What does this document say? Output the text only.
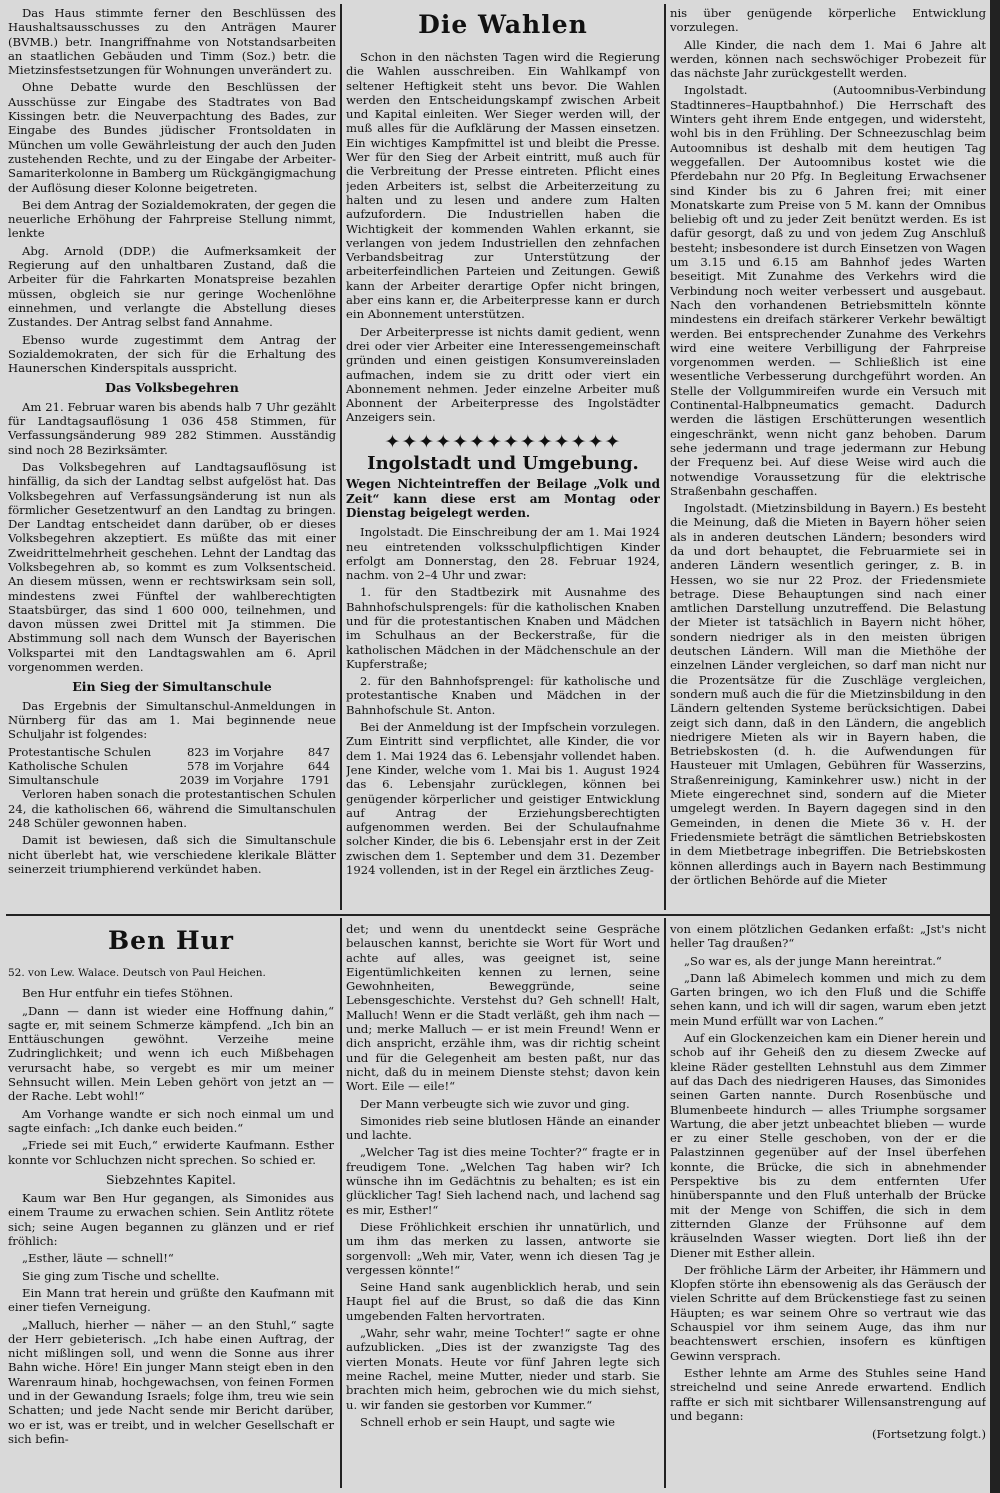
Das Haus stimmte ferner den Beschlüssen des Haushaltsausschusses zu den Anträgen Maurer (BVMB.) betr. Inangriffnahme von Notstandsarbeiten an staatlichen Gebäuden und Timm (Soz.) betr. die Mietzinsfestsetzungen für Wohnungen unverändert zu.

Ohne Debatte wurde den Beschlüssen der Ausschüsse zur Eingabe des Stadtrates von Bad Kissingen betr. die Neuverpachtung des Bades, zur Eingabe des Bundes jüdischer Frontsoldaten in München um volle Gewährleistung der auch den Juden zustehenden Rechte, und zu der Eingabe der Arbeiter-Samariterkolonne in Bamberg um Rückgängigmachung der Auflösung dieser Kolonne beigetreten.

Bei dem Antrag der Sozialdemokraten, der gegen die neuerliche Erhöhung der Fahrpreise Stellung nimmt, lenkte

Abg. Arnold (DDP.) die Aufmerksamkeit der Regierung auf den unhaltbaren Zustand, daß die Arbeiter für die Fahrkarten Monatspreise bezahlen müssen, obgleich sie nur geringe Wochenlöhne einnehmen, und verlangte die Abstellung dieses Zustandes. Der Antrag selbst fand Annahme.

Ebenso wurde zugestimmt dem Antrag der Sozialdemokraten, der sich für die Erhaltung des Haunerschen Kinderspitals ausspricht.

Das Volksbegehren

Am 21. Februar waren bis abends halb 7 Uhr gezählt für Landtagsauflösung 1 036 458 Stimmen, für Verfassungsänderung 989 282 Stimmen. Ausständig sind noch 28 Bezirksämter.

Das Volksbegehren auf Landtagsauflösung ist hinfällig, da sich der Landtag selbst aufgelöst hat. Das Volksbegehren auf Verfassungsänderung ist nun als förmlicher Gesetzentwurf an den Landtag zu bringen. Der Landtag entscheidet dann darüber, ob er dieses Volksbegehren akzeptiert. Es müßte das mit einer Zweidrittelmehrheit geschehen. Lehnt der Landtag das Volksbegehren ab, so kommt es zum Volksentscheid. An diesem müssen, wenn er rechtswirksam sein soll, mindestens zwei Fünftel der wahlberechtigten Staatsbürger, das sind 1 600 000, teilnehmen, und davon müssen zwei Drittel mit Ja stimmen. Die Abstimmung soll nach dem Wunsch der Bayerischen Volkspartei mit den Landtagswahlen am 6. April vorgenommen werden.

Ein Sieg der Simultanschule

Das Ergebnis der Simultanschul-Anmeldungen in Nürnberg für das am 1. Mai beginnende neue Schuljahr ist folgendes:

Protestantische Schulen	823	im Vorjahre	847
Katholische Schulen	578	im Vorjahre	644
Simultanschule	2039	im Vorjahre	1791

Verloren haben sonach die protestantischen Schulen 24, die katholischen 66, während die Simultanschulen 248 Schüler gewonnen haben.

Damit ist bewiesen, daß sich die Simultanschule nicht überlebt hat, wie verschiedene klerikale Blätter seinerzeit triumphierend verkündet haben.

Die Wahlen

Schon in den nächsten Tagen wird die Regierung die Wahlen ausschreiben. Ein Wahlkampf von seltener Heftigkeit steht uns bevor. Die Wahlen werden den Entscheidungskampf zwischen Arbeit und Kapital einleiten. Wer Sieger werden will, der muß alles für die Aufklärung der Massen einsetzen. Ein wichtiges Kampfmittel ist und bleibt die Presse. Wer für den Sieg der Arbeit eintritt, muß auch für die Verbreitung der Presse eintreten. Pflicht eines jeden Arbeiters ist, selbst die Arbeiterzeitung zu halten und zu lesen und andere zum Halten aufzufordern. Die Industriellen haben die Wichtigkeit der kommenden Wahlen erkannt, sie verlangen von jedem Industriellen den zehnfachen Verbandsbeitrag zur Unterstützung der arbeiterfeindlichen Parteien und Zeitungen. Gewiß kann der Arbeiter derartige Opfer nicht bringen, aber eins kann er, die Arbeiterpresse kann er durch ein Abonnement unterstützen.

Der Arbeiterpresse ist nichts damit gedient, wenn drei oder vier Arbeiter eine Interessengemeinschaft gründen und einen geistigen Konsumvereinsladen aufmachen, indem sie zu dritt oder viert ein Abonnement nehmen. Jeder einzelne Arbeiter muß Abonnent der Arbeiterpresse des Ingolstädter Anzeigers sein.

✦✦✦✦✦✦✦✦✦✦✦✦✦✦
Ingolstadt und Umgebung.
Wegen Nichteintreffen der Beilage „Volk und Zeit“ kann diese erst am Montag oder Dienstag beigelegt werden.

Ingolstadt. Die Einschreibung der am 1. Mai 1924 neu eintretenden volksschulpflichtigen Kinder erfolgt am Donnerstag, den 28. Februar 1924, nachm. von 2–4 Uhr und zwar:

1. für den Stadtbezirk mit Ausnahme des Bahnhofschulsprengels: für die katholischen Knaben und für die protestantischen Knaben und Mädchen im Schulhaus an der Beckerstraße, für die katholischen Mädchen in der Mädchenschule an der Kupferstraße;

2. für den Bahnhofsprengel: für katholische und protestantische Knaben und Mädchen in der Bahnhofschule St. Anton.

Bei der Anmeldung ist der Impfschein vorzulegen. Zum Eintritt sind verpflichtet, alle Kinder, die vor dem 1. Mai 1924 das 6. Lebensjahr vollendet haben. Jene Kinder, welche vom 1. Mai bis 1. August 1924 das 6. Lebensjahr zurücklegen, können bei genügender körperlicher und geistiger Entwicklung auf Antrag der Erziehungsberechtigten aufgenommen werden. Bei der Schulaufnahme solcher Kinder, die bis 6. Lebensjahr erst in der Zeit zwischen dem 1. September und dem 31. Dezember 1924 vollenden, ist in der Regel ein ärztliches Zeug-

nis über genügende körperliche Entwicklung vorzulegen.

Alle Kinder, die nach dem 1. Mai 6 Jahre alt werden, können nach sechswöchiger Probezeit für das nächste Jahr zurückgestellt werden.

Ingolstadt. (Autoomnibus-Verbindung Stadtinneres–Hauptbahnhof.) Die Herrschaft des Winters geht ihrem Ende entgegen, und widersteht, wohl bis in den Frühling. Der Schneezuschlag beim Autoomnibus ist deshalb mit dem heutigen Tag weggefallen. Der Autoomnibus kostet wie die Pferdebahn nur 20 Pfg. In Begleitung Erwachsener sind Kinder bis zu 6 Jahren frei; mit einer Monatskarte zum Preise von 5 M. kann der Omnibus beliebig oft und zu jeder Zeit benützt werden. Es ist dafür gesorgt, daß zu und von jedem Zug Anschluß besteht; insbesondere ist durch Einsetzen von Wagen um 3.15 und 6.15 am Bahnhof jedes Warten beseitigt. Mit Zunahme des Verkehrs wird die Verbindung noch weiter verbessert und ausgebaut. Nach den vorhandenen Betriebsmitteln könnte mindestens ein dreifach stärkerer Verkehr bewältigt werden. Bei entsprechender Zunahme des Verkehrs wird eine weitere Verbilligung der Fahrpreise vorgenommen werden. — Schließlich ist eine wesentliche Verbesserung durchgeführt worden. An Stelle der Vollgummireifen wurde ein Versuch mit Continental-Halbpneumatics gemacht. Dadurch werden die lästigen Erschütterungen wesentlich eingeschränkt, wenn nicht ganz behoben. Darum sehe jedermann und trage jedermann zur Hebung der Frequenz bei. Auf diese Weise wird auch die notwendige Voraussetzung für die elektrische Straßenbahn geschaffen.

Ingolstadt. (Mietzinsbildung in Bayern.) Es besteht die Meinung, daß die Mieten in Bayern höher seien als in anderen deutschen Ländern; besonders wird da und dort behauptet, die Februarmiete sei in anderen Ländern wesentlich geringer, z. B. in Hessen, wo sie nur 22 Proz. der Friedensmiete betrage. Diese Behauptungen sind nach einer amtlichen Darstellung unzutreffend. Die Belastung der Mieter ist tatsächlich in Bayern nicht höher, sondern niedriger als in den meisten übrigen deutschen Ländern. Will man die Miethöhe der einzelnen Länder vergleichen, so darf man nicht nur die Prozentsätze für die Zuschläge vergleichen, sondern muß auch die für die Mietzinsbildung in den Ländern geltenden Systeme berücksichtigen. Dabei zeigt sich dann, daß in den Ländern, die angeblich niedrigere Mieten als wir in Bayern haben, die Betriebskosten (d. h. die Aufwendungen für Hausteuer mit Umlagen, Gebühren für Wasserzins, Straßenreinigung, Kaminkehrer usw.) nicht in der Miete eingerechnet sind, sondern auf die Mieter umgelegt werden. In Bayern dagegen sind in den Gemeinden, in denen die Miete 36 v. H. der Friedensmiete beträgt die sämtlichen Betriebskosten in dem Mietbetrage inbegriffen. Die Betriebskosten können allerdings auch in Bayern nach Bestimmung der örtlichen Behörde auf die Mieter

Ben Hur
52. von Lew. Walace. Deutsch von Paul Heichen.

Ben Hur entfuhr ein tiefes Stöhnen.

„Dann — dann ist wieder eine Hoffnung dahin,“ sagte er, mit seinem Schmerze kämpfend. „Ich bin an Enttäuschungen gewöhnt. Verzeihe meine Zudringlichkeit; und wenn ich euch Mißbehagen verursacht habe, so vergebt es mir um meiner Sehnsucht willen. Mein Leben gehört von jetzt an — der Rache. Lebt wohl!“

Am Vorhange wandte er sich noch einmal um und sagte einfach: „Ich danke euch beiden.“

„Friede sei mit Euch,“ erwiderte Kaufmann. Esther konnte vor Schluchzen nicht sprechen. So schied er.

Siebzehntes Kapitel.

Kaum war Ben Hur gegangen, als Simonides aus einem Traume zu erwachen schien. Sein Antlitz rötete sich; seine Augen begannen zu glänzen und er rief fröhlich:

„Esther, läute — schnell!“

Sie ging zum Tische und schellte.

Ein Mann trat herein und grüßte den Kaufmann mit einer tiefen Verneigung.

„Malluch, hierher — näher — an den Stuhl,“ sagte der Herr gebieterisch. „Ich habe einen Auftrag, der nicht mißlingen soll, und wenn die Sonne aus ihrer Bahn wiche. Höre! Ein junger Mann steigt eben in den Warenraum hinab, hochgewachsen, von feinen Formen und in der Gewandung Israels; folge ihm, treu wie sein Schatten; und jede Nacht sende mir Bericht darüber, wo er ist, was er treibt, und in welcher Gesellschaft er sich befin-

det; und wenn du unentdeckt seine Gespräche belauschen kannst, berichte sie Wort für Wort und achte auf alles, was geeignet ist, seine Eigentümlichkeiten kennen zu lernen, seine Gewohnheiten, Beweggründe, seine Lebensgeschichte. Verstehst du? Geh schnell! Halt, Malluch! Wenn er die Stadt verläßt, geh ihm nach — und; merke Malluch — er ist mein Freund! Wenn er dich anspricht, erzähle ihm, was dir richtig scheint und für die Gelegenheit am besten paßt, nur das nicht, daß du in meinem Dienste stehst; davon kein Wort. Eile — eile!“

Der Mann verbeugte sich wie zuvor und ging.

Simonides rieb seine blutlosen Hände an einander und lachte.

„Welcher Tag ist dies meine Tochter?“ fragte er in freudigem Tone. „Welchen Tag haben wir? Ich wünsche ihn im Gedächtnis zu behalten; es ist ein glücklicher Tag! Sieh lachend nach, und lachend sag es mir, Esther!“

Diese Fröhlichkeit erschien ihr unnatürlich, und um ihm das merken zu lassen, antworte sie sorgenvoll: „Weh mir, Vater, wenn ich diesen Tag je vergessen könnte!“

Seine Hand sank augenblicklich herab, und sein Haupt fiel auf die Brust, so daß die das Kinn umgebenden Falten hervortraten.

„Wahr, sehr wahr, meine Tochter!“ sagte er ohne aufzublicken. „Dies ist der zwanzigste Tag des vierten Monats. Heute vor fünf Jahren legte sich meine Rachel, meine Mutter, nieder und starb. Sie brachten mich heim, gebrochen wie du mich siehst, u. wir fanden sie gestorben vor Kummer.“

Schnell erhob er sein Haupt, und sagte wie

von einem plötzlichen Gedanken erfaßt: „Jst's nicht heller Tag draußen?“

„So war es, als der junge Mann hereintrat.“

„Dann laß Abimelech kommen und mich zu dem Garten bringen, wo ich den Fluß und die Schiffe sehen kann, und ich will dir sagen, warum eben jetzt mein Mund erfüllt war von Lachen.“

Auf ein Glockenzeichen kam ein Diener herein und schob auf ihr Geheiß den zu diesem Zwecke auf kleine Räder gestellten Lehnstuhl aus dem Zimmer auf das Dach des niedrigeren Hauses, das Simonides seinen Garten nannte. Durch Rosenbüsche und Blumenbeete hindurch — alles Triumphe sorgsamer Wartung, die aber jetzt unbeachtet blieben — wurde er zu einer Stelle geschoben, von der er die Palastzinnen gegenüber auf der Insel überfehen konnte, die Brücke, die sich in abnehmender Perspektive bis zu dem entfernten Ufer hinüberspannte und den Fluß unterhalb der Brücke mit der Menge von Schiffen, die sich in dem zitternden Glanze der Frühsonne auf dem kräuselnden Wasser wiegten. Dort ließ ihn der Diener mit Esther allein.

Der fröhliche Lärm der Arbeiter, ihr Hämmern und Klopfen störte ihn ebensowenig als das Geräusch der vielen Schritte auf dem Brückenstiege fast zu seinen Häupten; es war seinem Ohre so vertraut wie das Schauspiel vor ihm seinem Auge, das ihm nur beachtenswert erschien, insofern es künftigen Gewinn versprach.

Esther lehnte am Arme des Stuhles seine Hand streichelnd und seine Anrede erwartend. Endlich raffte er sich mit sichtbarer Willensanstrengung auf und begann:

(Fortsetzung folgt.)
